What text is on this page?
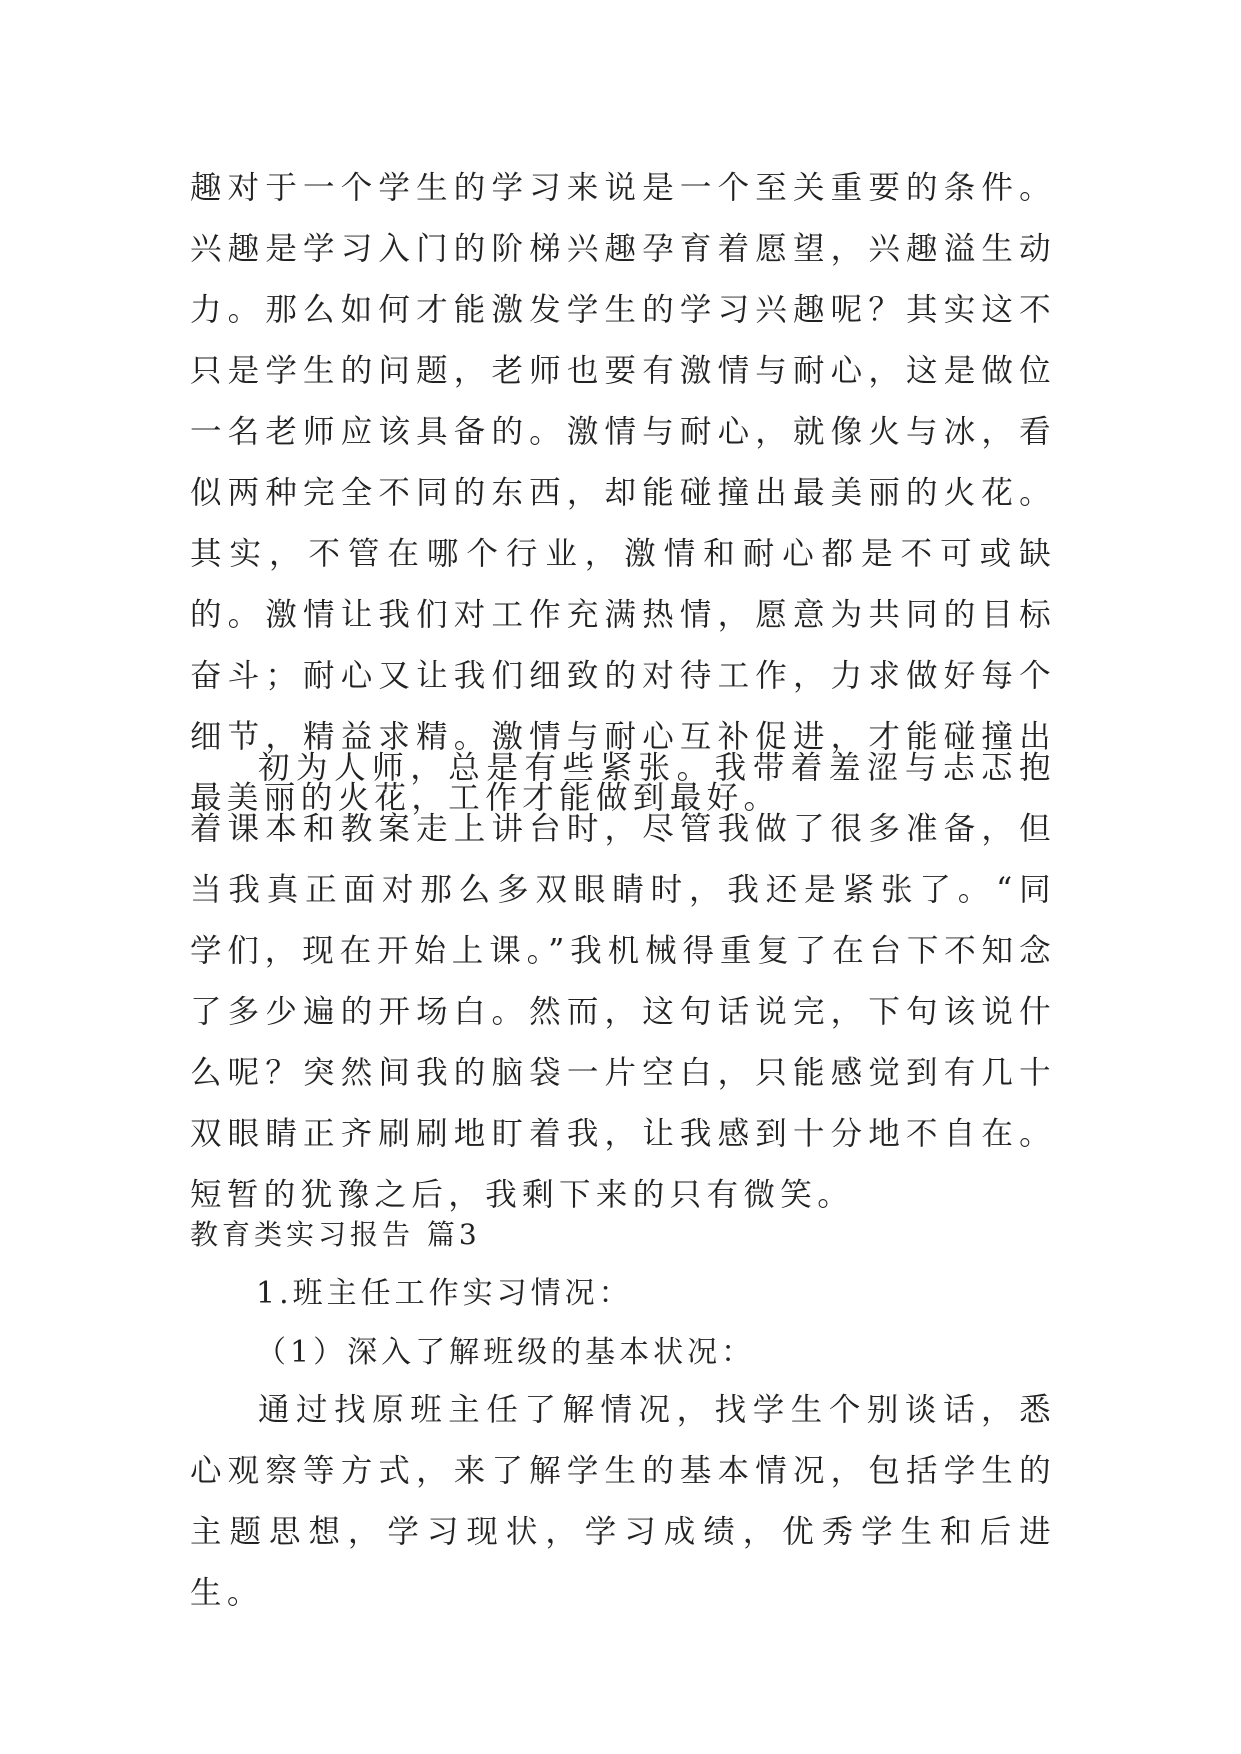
趣对于一个学生的学习来说是一个至关重要的条件。兴趣是学习入门的阶梯兴趣孕育着愿望，兴趣溢生动力。那么如何才能激发学生的学习兴趣呢？其实这不只是学生的问题，老师也要有激情与耐心，这是做位一名老师应该具备的。激情与耐心，就像火与冰，看似两种完全不同的东西，却能碰撞出最美丽的火花。其实，不管在哪个行业，激情和耐心都是不可或缺的。激情让我们对工作充满热情，愿意为共同的目标奋斗；耐心又让我们细致的对待工作，力求做好每个细节，精益求精。激情与耐心互补促进，才能碰撞出最美丽的火花，工作才能做到最好。

初为人师，总是有些紧张。我带着羞涩与忐忑抱着课本和教案走上讲台时，尽管我做了很多准备，但当我真正面对那么多双眼睛时，我还是紧张了。“同学们，现在开始上课。”我机械得重复了在台下不知念了多少遍的开场白。然而，这句话说完，下句该说什么呢？突然间我的脑袋一片空白，只能感觉到有几十双眼睛正齐刷刷地盯着我，让我感到十分地不自在。短暂的犹豫之后，我剩下来的只有微笑。

教育类实习报告 篇3

1.班主任工作实习情况：

（1）深入了解班级的基本状况：

通过找原班主任了解情况，找学生个别谈话，悉心观察等方式，来了解学生的基本情况，包括学生的主题思想，学习现状，学习成绩，优秀学生和后进生。
